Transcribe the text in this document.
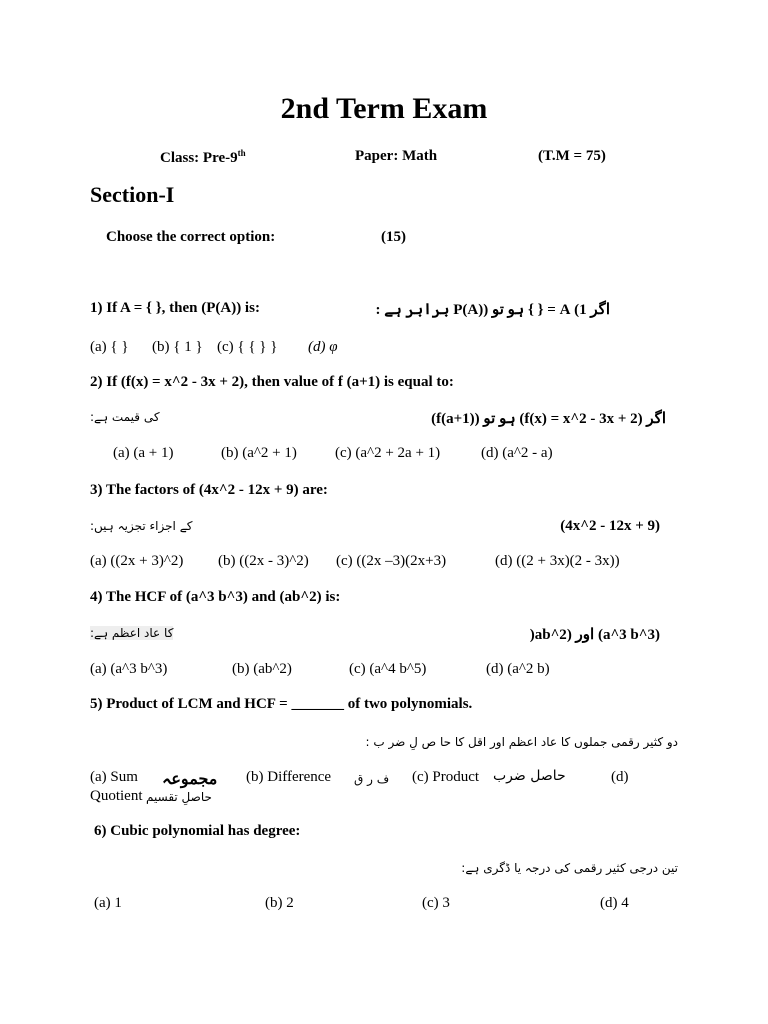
2nd Term Exam
Class: Pre-9th	Paper: Math	(T.M = 75)
Section-I
Choose the correct option:	(15)
1) If A = { }, then (P(A)) is:	اگر 1) A = { } ہو تو (P(A) برابر ہے :
(a) { } (b) { 1 } (c) { { } } (d) φ
2) If (f(x) = x^2 - 3x + 2), then value of f (a+1) is equal to:
کی قیمت ہے:	اگر (f(x) = x^2 - 3x + 2) ہو تو (f(a+1))
(a) (a + 1)	(b) (a^2 + 1)	(c) (a^2 + 2a + 1)	(d) (a^2 - a)
3) The factors of (4x^2 - 12x + 9) are:
کے اجزاء تجزیہ ہیں:	(4x^2 - 12x + 9)
(a) ((2x + 3)^2) (b) ((2x - 3)^2) (c) ((2x –3)(2x+3)	(d) ((2 + 3x)(2 - 3x))
4) The HCF of (a^3 b^3) and (ab^2) is:
کا عاد اعظم ہے:	(a^3 b^3) اور (ab^2(
(a) (a^3 b^3)	(b) (ab^2)	(c) (a^4 b^5)	(d) (a^2 b)
5) Product of LCM and HCF = _______ of two polynomials.
دو کثیر رقمی جملوں کا عاد اعظم اور اقل کا حا ص لِ ضر ب :
(a) Sum مجموعہ (b) Difference ف ر ق (c) Product حاصل ضرب	(d)
Quotient حاصلِ تقسیم
6) Cubic polynomial has degree:
تین درجی کثیر رقمی کی درجہ یا ڈگری ہے:
(a) 1	(b) 2	(c) 3	(d) 4
